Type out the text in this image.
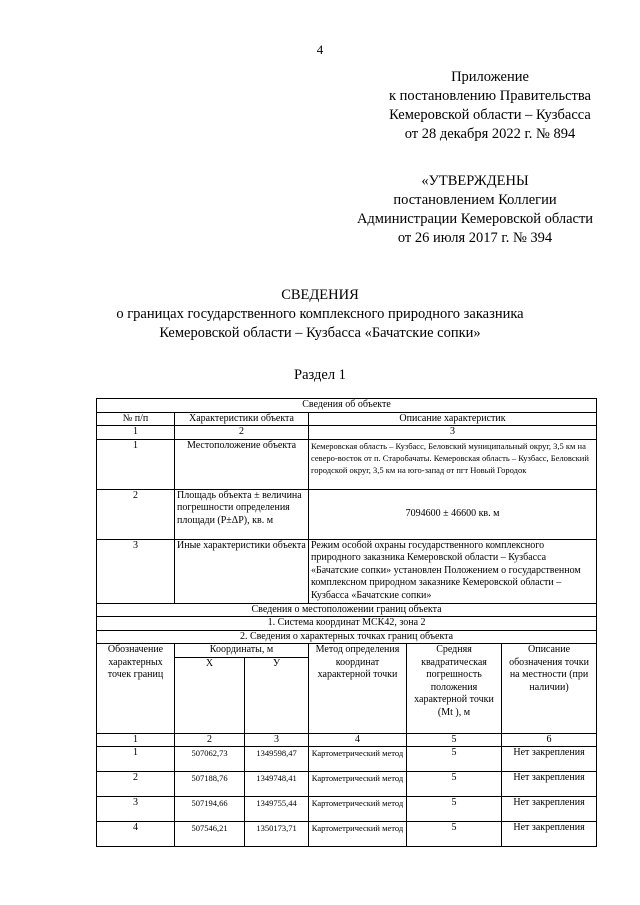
4
Приложение
к постановлению Правительства
Кемеровской области – Кузбасса
от 28 декабря 2022 г. № 894
«УТВЕРЖДЕНЫ
постановлением Коллегии
Администрации Кемеровской области
от 26 июля 2017 г. № 394
СВЕДЕНИЯ
о границах государственного комплексного природного заказника
Кемеровской области – Кузбасса «Бачатские сопки»
Раздел 1
Сведения об объекте					
№ п/п	Характеристики объекта		Описание характеристик		
1	2		3		
1	Местоположение объекта		Кемеровская область – Кузбасс, Беловский муниципальный округ, 3,5 км на северо-восток от п. Старобачаты. Кемеровская область – Кузбасс, Беловский городской округ, 3,5 км на юго-запад от пгт Новый Городок		
2	Площадь объекта ± величина погрешности определения площади (Р±ΔР), кв. м		7094600 ± 46600 кв. м		
3	Иные характеристики объекта		Режим особой охраны государственного комплексного природного заказника Кемеровской области – Кузбасса «Бачатские сопки» установлен Положением о государственном комплексном природном заказнике Кемеровской области – Кузбасса «Бачатские сопки»		
Сведения о местоположении границ объекта					
1. Система координат МСК42, зона 2					
2. Сведения о характерных точках границ объекта					
Обозначение характерных точек границ	Координаты, м		Метод определения координат характерной точки	Средняя квадратическая погрешность положения характерной точки (Mt ), м	Описание обозначения точки на местности (при наличии)
	Х	У			
1	2	3	4	5	6
1	507062,73	1349598,47	Картометрический метод	5	Нет закрепления
2	507188,76	1349748,41	Картометрический метод	5	Нет закрепления
3	507194,66	1349755,44	Картометрический метод	5	Нет закрепления
4	507546,21	1350173,71	Картометрический метод	5	Нет закрепления
